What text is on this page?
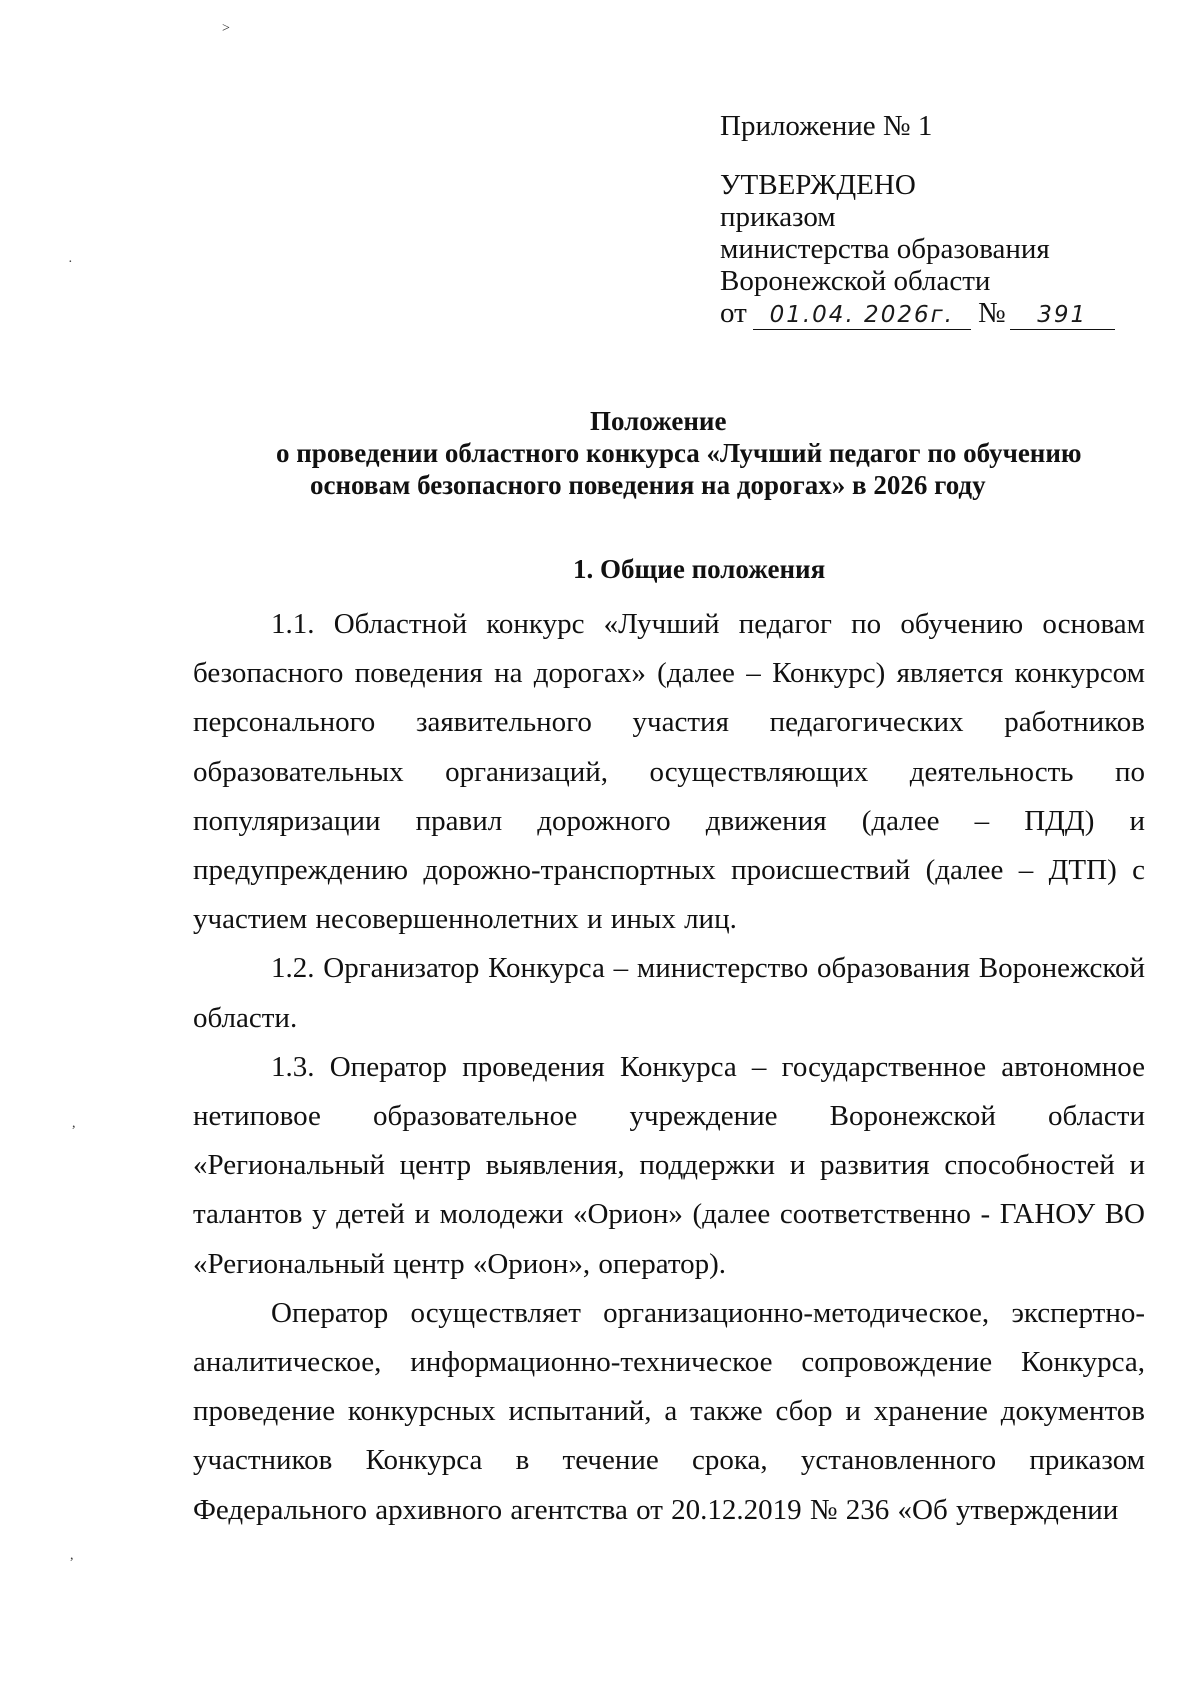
˃
·
,
,
Приложение № 1
УТВЕРЖДЕНО
приказом
министерства образования
Воронежской области
от 01.04. 2026г. № 391
Положение
о проведении областного конкурса «Лучший педагог по обучению
основам безопасного поведения на дорогах» в 2026 году
1. Общие положения

1.1. Областной конкурс «Лучший педагог по обучению основам безопасного поведения на дорогах» (далее – Конкурс) является конкурсом персонального заявительного участия педагогических работников образовательных организаций, осуществляющих деятельность по популяризации правил дорожного движения (далее – ПДД) и предупреждению дорожно-транспортных происшествий (далее – ДТП) с участием несовершеннолетних и иных лиц.

1.2. Организатор Конкурса – министерство образования Воронежской области.

1.3. Оператор проведения Конкурса – государственное автономное нетиповое образовательное учреждение Воронежской области «Региональный центр выявления, поддержки и развития способностей и талантов у детей и молодежи «Орион» (далее соответственно - ГАНОУ ВО «Региональный центр «Орион», оператор).

Оператор осуществляет организационно-методическое, экспертно-аналитическое, информационно-техническое сопровождение Конкурса, проведение конкурсных испытаний, а также сбор и хранение документов участников Конкурса в течение срока, установленного приказом Федерального архивного агентства от 20.12.2019 № 236 «Об утверждении
